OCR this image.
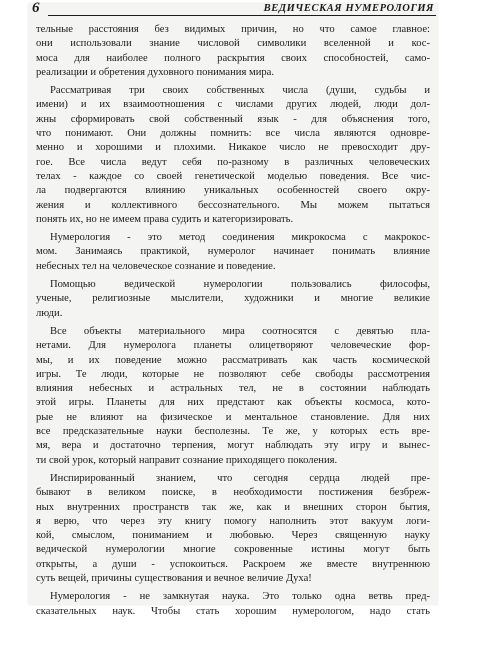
6	ВЕДИЧЕСКАЯ НУМЕРОЛОГИЯ
тельные расстояния без видимых причин, но что самое главное:
они использовали знание числовой символики вселенной и кос-
моса для наиболее полного раскрытия своих способностей, само-
реализации и обретения духовного понимания мира.
Рассматривая три своих собственных числа (души, судьбы и
имени) и их взаимоотношения с числами других людей, люди дол-
жны сформировать свой собственный язык - для объяснения того,
что понимают. Они должны помнить: все числа являются одновре-
менно и хорошими и плохими. Никакое число не превосходит дру-
гое. Все числа ведут себя по-разному в различных человеческих
телах - каждое со своей генетической моделью поведения. Все чис-
ла подвергаются влиянию уникальных особенностей своего окру-
жения и коллективного бессознательного. Мы можем пытаться
понять их, но не имеем права судить и категоризировать.
Нумерология - это метод соединения микрокосма с макрокос-
мом. Занимаясь практикой, нумеролог начинает понимать влияние
небесных тел на человеческое сознание и поведение.
Помощью ведической нумерологии пользовались философы,
ученые, религиозные мыслители, художники и многие великие
люди.
Все объекты материального мира соотносятся с девятью пла-
нетами. Для нумеролога планеты олицетворяют человеческие фор-
мы, и их поведение можно рассматривать как часть космической
игры. Те люди, которые не позволяют себе свободы рассмотрения
влияния небесных и астральных тел, не в состоянии наблюдать
этой игры. Планеты для них предстают как объекты космоса, кото-
рые не влияют на физическое и ментальное становление. Для них
все предсказательные науки бесполезны. Те же, у которых есть вре-
мя, вера и достаточно терпения, могут наблюдать эту игру и вынес-
ти свой урок, который направит сознание приходящего поколения.
Инспирированный знанием, что сегодня сердца людей пре-
бывают в великом поиске, в необходимости постижения безбреж-
ных внутренних пространств так же, как и внешних сторон бытия,
я верю, что через эту книгу помогу наполнить этот вакуум логи-
кой, смыслом, пониманием и любовью. Через священную науку
ведической нумерологии многие сокровенные истины могут быть
открыты, а души - успокоиться. Раскроем же вместе внутреннюю
суть вещей, причины существования и вечное величие Духа!
Нумерология - не замкнутая наука. Это только одна ветвь пред-
сказательных наук. Чтобы стать хорошим нумерологом, надо стать
